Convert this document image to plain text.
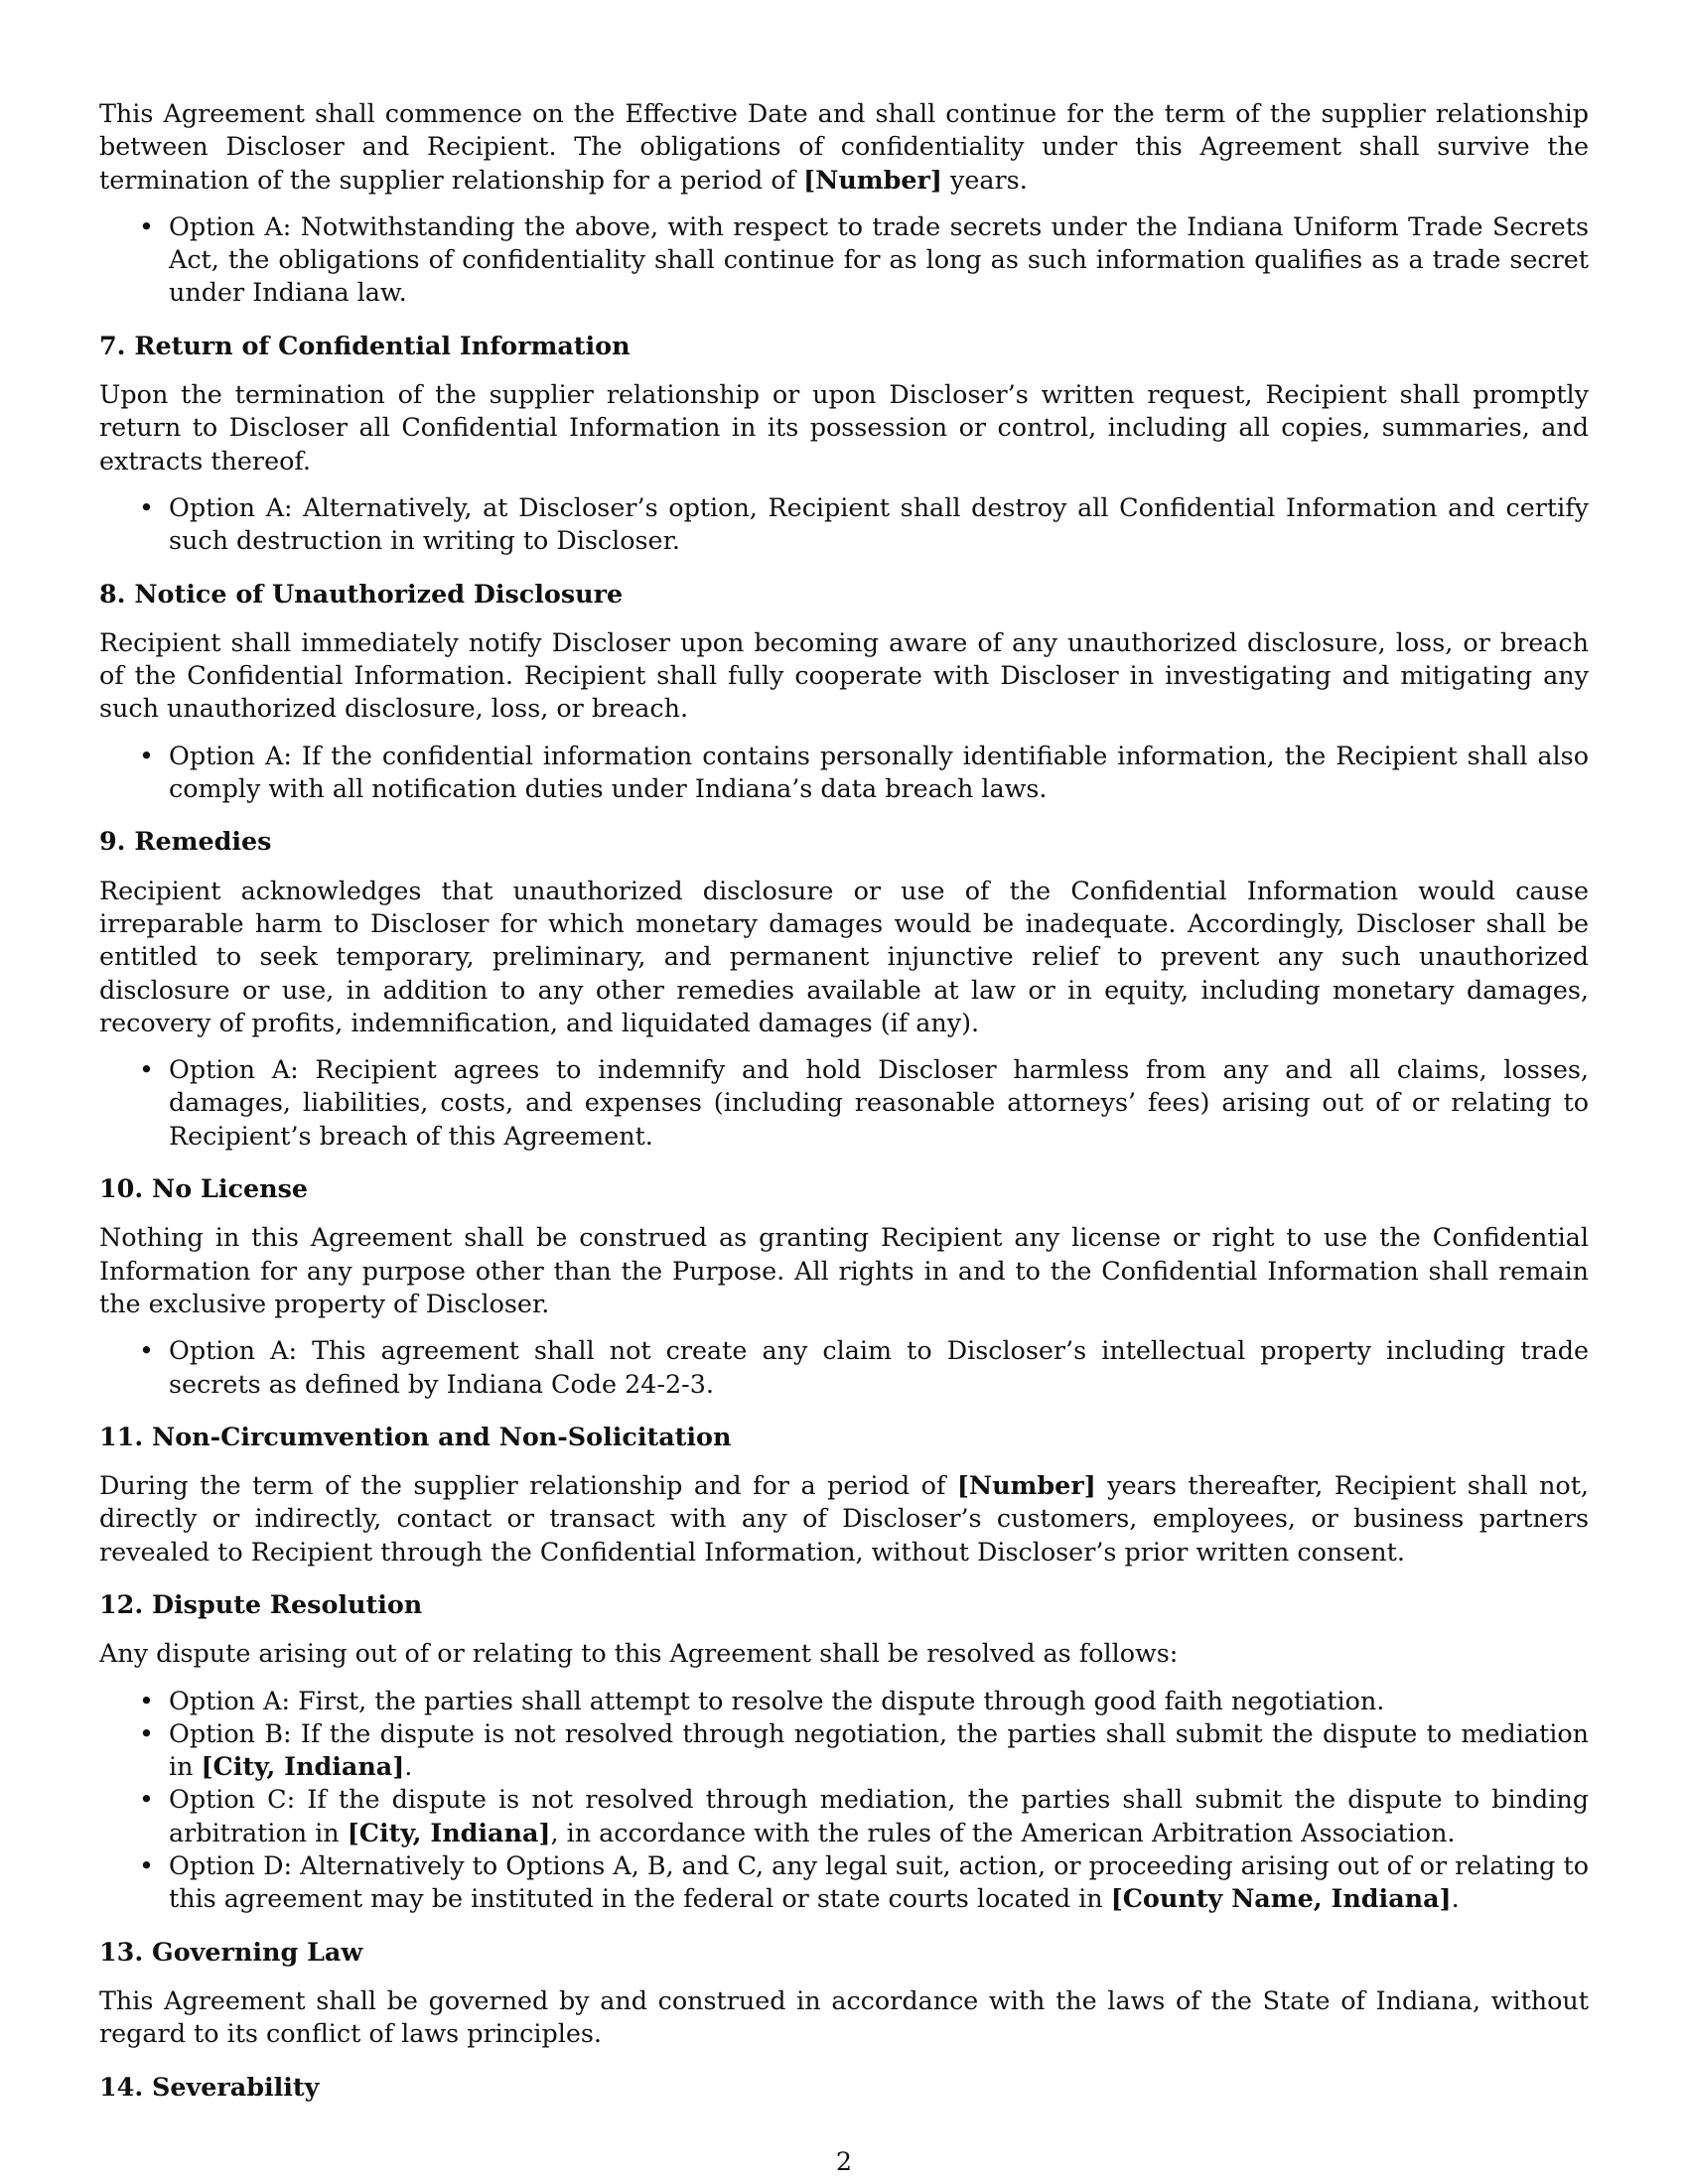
This Agreement shall commence on the Effective Date and shall continue for the term of the supplier relationship between Discloser and Recipient. The obligations of confidentiality under this Agreement shall survive the termination of the supplier relationship for a period of [Number] years.

• Option A: Notwithstanding the above, with respect to trade secrets under the Indiana Uniform Trade Secrets Act, the obligations of confidentiality shall continue for as long as such information qualifies as a trade secret under Indiana law.
7. Return of Confidential Information

Upon the termination of the supplier relationship or upon Discloser’s written request, Recipient shall promptly return to Discloser all Confidential Information in its possession or control, including all copies, summaries, and extracts thereof.

• Option A: Alternatively, at Discloser’s option, Recipient shall destroy all Confidential Information and certify such destruction in writing to Discloser.
8. Notice of Unauthorized Disclosure

Recipient shall immediately notify Discloser upon becoming aware of any unauthorized disclosure, loss, or breach of the Confidential Information. Recipient shall fully cooperate with Discloser in investigating and mitigating any such unauthorized disclosure, loss, or breach.

• Option A: If the confidential information contains personally identifiable information, the Recipient shall also comply with all notification duties under Indiana’s data breach laws.
9. Remedies

Recipient acknowledges that unauthorized disclosure or use of the Confidential Information would cause irreparable harm to Discloser for which monetary damages would be inadequate. Accordingly, Discloser shall be entitled to seek temporary, preliminary, and permanent injunctive relief to prevent any such unauthorized disclosure or use, in addition to any other remedies available at law or in equity, including monetary damages, recovery of profits, indemnification, and liquidated damages (if any).

• Option A: Recipient agrees to indemnify and hold Discloser harmless from any and all claims, losses, damages, liabilities, costs, and expenses (including reasonable attorneys’ fees) arising out of or relating to Recipient’s breach of this Agreement.
10. No License

Nothing in this Agreement shall be construed as granting Recipient any license or right to use the Confidential Information for any purpose other than the Purpose. All rights in and to the Confidential Information shall remain the exclusive property of Discloser.

• Option A: This agreement shall not create any claim to Discloser’s intellectual property including trade secrets as defined by Indiana Code 24-2-3.
11. Non-Circumvention and Non-Solicitation

During the term of the supplier relationship and for a period of [Number] years thereafter, Recipient shall not, directly or indirectly, contact or transact with any of Discloser’s customers, employees, or business partners revealed to Recipient through the Confidential Information, without Discloser’s prior written consent.

12. Dispute Resolution

Any dispute arising out of or relating to this Agreement shall be resolved as follows:

• Option A: First, the parties shall attempt to resolve the dispute through good faith negotiation.
• Option B: If the dispute is not resolved through negotiation, the parties shall submit the dispute to mediation in [City, Indiana].
• Option C: If the dispute is not resolved through mediation, the parties shall submit the dispute to binding arbitration in [City, Indiana], in accordance with the rules of the American Arbitration Association.
• Option D: Alternatively to Options A, B, and C, any legal suit, action, or proceeding arising out of or relating to this agreement may be instituted in the federal or state courts located in [County Name, Indiana].
13. Governing Law

This Agreement shall be governed by and construed in accordance with the laws of the State of Indiana, without regard to its conflict of laws principles.

14. Severability
2
